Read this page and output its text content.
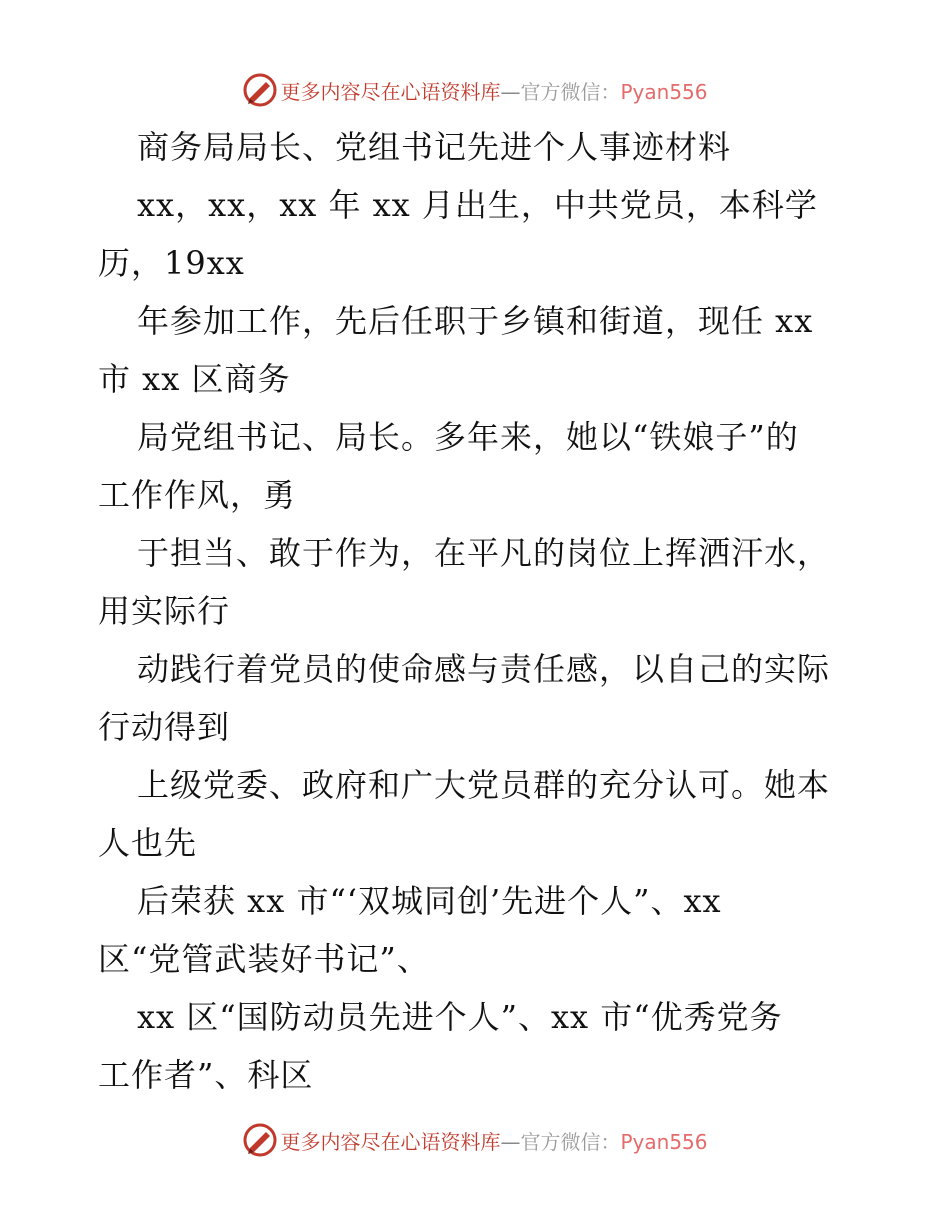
更多内容尽在心语资料库—官方微信：Pyan556
商务局局长、党组书记先进个人事迹材料
xx，xx，xx 年 xx 月出生，中共党员，本科学
历，19xx
年参加工作，先后任职于乡镇和街道，现任 xx
市 xx 区商务
局党组书记、局长。多年来，她以“铁娘子”的
工作作风，勇
于担当、敢于作为，在平凡的岗位上挥洒汗水，
用实际行
动践行着党员的使命感与责任感，以自己的实际
行动得到
上级党委、政府和广大党员群的充分认可。她本
人也先
后荣获 xx 市“‘双城同创’先进个人”、xx
区“党管武装好书记”、
xx 区“国防动员先进个人”、xx 市“优秀党务
工作者”、科区
更多内容尽在心语资料库—官方微信：Pyan556
